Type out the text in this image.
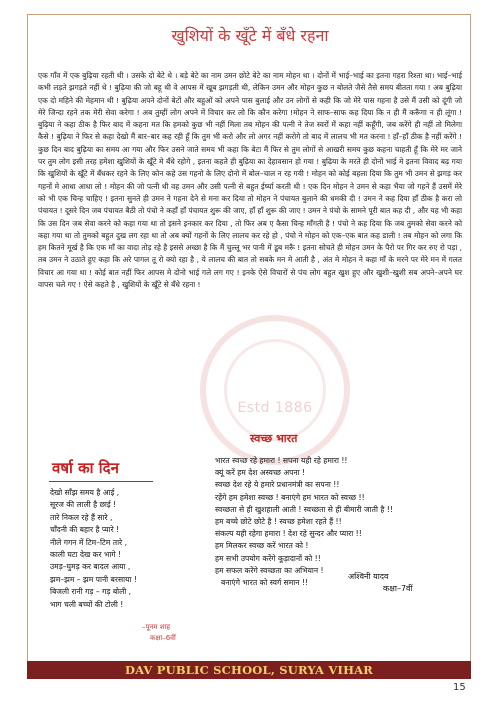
Estd 1886
खुशियों के खूँटे में बँधे रहना

एक गाँव में एक बुढ़िया रहती थी । उसके दो बेटे थे । बड़े बेटे का नाम उमन छोटे बेटे का नाम मोहन था । दोनों में भाई–भाई का इतना गहरा रिश्ता था। भाई–भाई कभी लड़ते झगड़ते नहीं थे ! बुढ़िया की जो बहू थी वे आपस में खूब झगड़ती थी, लेकिन उमन और मोहन कुछ न बोलते जैसे तैसे समय बीतता गया ! अब बुढ़िया एक दो महिने की मेहमान थी ! बुढ़िया अपने दोनों बेटों और बहुओं को अपने पास बुलाई और उन लोगों से कही कि जो मेरे पास गहना है उसे मैं उसी को दूंगी जो मेरे जिन्दा रहने तक मेरी सेवा करेगा ! अब तुम्हीं लोग अपने में विचार कर लो कि कौन करेगा !मोहन ने साफ–साफ कह दिया कि न ही मैं करूँगा न ही लूंगा ! बुढ़िया ने कहा ठीक है फिर बाद में कहना मत कि हमको कुछ भी नहीं मिला तब मोहन की पत्नी ने तेज स्वरों में कहा नहीं कहूँगी, जब करेंगे ही नहीं तो मिलेगा कैसे ! बुढ़िया ने फिर से कहा देखो मैं बार–बार कह रही हूँ कि तुम भी करो और लो अगर नहीं करोगे तो बाद में लालच भी मत करना ! हाँ–हाँ ठीक है नहीं करेंगे ! कुछ दिन बाद बुढ़िया का समय आ गया और फिर उसने जाते समय भी कहा कि बेटा मैं फिर से तुम लोगों से आखरी समय कुछ कहना चाहती हूँ कि मेरे मर जाने पर तुम लोग इसी तरह हमेशा खुशियों के खूँटे मे बँधे रहोगे , इतना कहते ही बुढ़िया का देहावसान हो गया ! बुढ़िया के मरते ही दोनों भाई मे इतना विवाद बढ़ गया कि खुशियों के खूँटे में बँधकर रहने के लिए कोन कहे उस गहनो के लिए दोनो में बोल–चाल न रह गयी ! मोहन को कोई बहला दिया कि तुम भी उमन से झगड़ कर गहनों मे आधा आधा लो ! मोहन की जो पत्नी थी वह उमन और उसी पत्नी से बहुत ईर्ष्या करती थी ! एक दिन मोहन ने उमन से कहा भैया जो गहने हैं उसमें मेरे को भी एक चिन्ह चाहिए ! इतना सुनते ही उमन ने गहना देने से मना कर दिया तो मोहन ने पंचायत बुलाने की धमकी दी ! उमन ने कह दिया हाँ ठीक है करा लो पंचायत ! दूसरे दिन जब पंचायत बैठी तो पंचो ने कहाँ हाँ पंचायत शुरू की जाए, हाँ हाँ शुरू की जाए ! उमन ने पंचो के सामने पूरी बात कह दी , और यह भी कहा कि उस दिन जब सेवा करने को कहा गया था तो इसने इनकार कर दिया , तो फिर अब ए कैसा चिन्ह माँगती है ! पंचो ने कह दिया कि जब तुमको सेवा करने को कहा गया था तो तुमको बहुत दुख लग रहा था तो अब क्यों गहनों के लिए लालच कर रहे हो , पंचो ने मोहन को एक–एक बात कह डाली ! तब मोहन को लगा कि हम कितने मूर्ख है कि एक माँ का वादा तोड़ रहे है इससे अच्छा है कि मैं चुल्लू भर पानी में डूब मरूँ ! इतना सोचते ही मोहन उमन के पैरो पर गिर कर रुए रो पड़ा , तब उमन ने उठाते हुए कहा कि अरे पागल तू रो क्यो रहा है , ये लालच की बात तो सबके मन मे आती है , अंत मे मोहन ने कहा माँ के मरने पर मेरे मन में गलत विचार आ गया था ! कोई बात नहीं फिर आपस मे दोनो भाई गले लग गए ! इनके ऐसे विचारों से पंच लोग बहुत खुश हुए और खुशी–खुशी सब अपने–अपने घर वापस चले गए ! ऐसे कहते है , खुशियों के खूँटे से बँधे रहना !

स्वच्छ भारत
भारत स्वच्छ रहे हमारा ! सपना यही रहे हमारा !!
क्यूं करें हम देश अस्वच्छ अपना !
स्वच्छ देश रहे ये हमारे प्रधानमंत्री का सपना !!
रहेंगे हम हमेशा स्वच्छ ! बनाएंगे हम भारत को स्वच्छ !!
स्वच्छता से ही खुशहाली आती ! स्वच्छता से ही बीमारी जाती है !!
हम बच्चे छोटे छोटे है ! स्वच्छ हमेशा रहते हैं !!
संकल्प यही रहेगा हमारा ! देश रहे सुन्दर और प्यारा !!
हम मिलकर स्वच्छ करें भारत को !
हम सभी उपयोग करेंगे कूड़ादानों को !!
हम सफल करेंगे स्वच्छता का अभियान !
बनाएंगे भारत को स्वर्ग समान !!
अश्विनी यादव
कक्षा–7वीं
वर्षा का दिन
देखो साँझ समय है आई ,
सूरज की लाली है छाई !
तारे निकल रहे हैं सारे ,
चाँदनी की बहार है प्यारे !
नीले गगन में टिम–टिम तारे ,
काली घटा देख कर भागे !
उमड़–घुमड़ कर बादल आया ,
झम–झम – झम पानी बरसाया !
बिजली रानी गड़ – गड़ बोली ,
भाग चली बच्चों की टोली !
–पूनम शाह
कक्षा–6वीं
DAV PUBLIC SCHOOL, SURYA VIHAR
15
